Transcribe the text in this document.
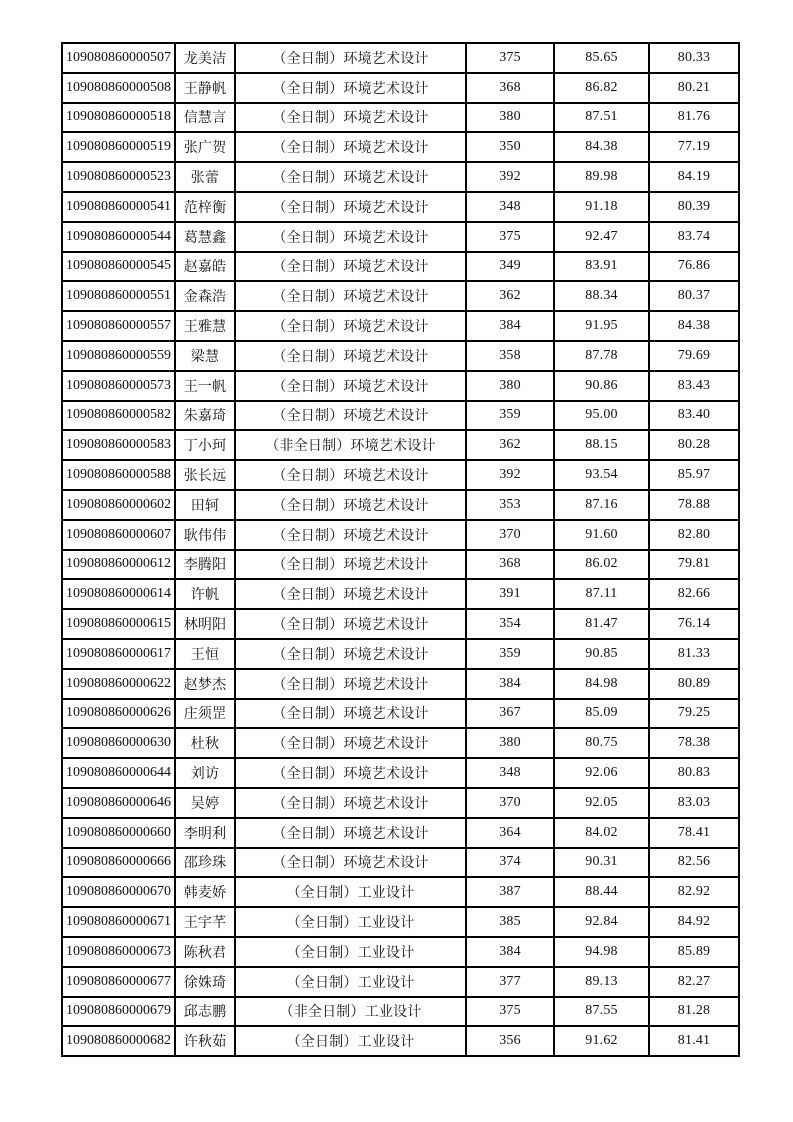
109080860000507	龙美洁	（全日制）环境艺术设计	375	85.65	80.33
109080860000508	王静帆	（全日制）环境艺术设计	368	86.82	80.21
109080860000518	信慧言	（全日制）环境艺术设计	380	87.51	81.76
109080860000519	张广贺	（全日制）环境艺术设计	350	84.38	77.19
109080860000523	张蕾	（全日制）环境艺术设计	392	89.98	84.19
109080860000541	范梓衡	（全日制）环境艺术设计	348	91.18	80.39
109080860000544	葛慧鑫	（全日制）环境艺术设计	375	92.47	83.74
109080860000545	赵嘉皓	（全日制）环境艺术设计	349	83.91	76.86
109080860000551	金森浩	（全日制）环境艺术设计	362	88.34	80.37
109080860000557	王雅慧	（全日制）环境艺术设计	384	91.95	84.38
109080860000559	梁慧	（全日制）环境艺术设计	358	87.78	79.69
109080860000573	王一帆	（全日制）环境艺术设计	380	90.86	83.43
109080860000582	朱嘉琦	（全日制）环境艺术设计	359	95.00	83.40
109080860000583	丁小珂	（非全日制）环境艺术设计	362	88.15	80.28
109080860000588	张长远	（全日制）环境艺术设计	392	93.54	85.97
109080860000602	田轲	（全日制）环境艺术设计	353	87.16	78.88
109080860000607	耿伟伟	（全日制）环境艺术设计	370	91.60	82.80
109080860000612	李腾阳	（全日制）环境艺术设计	368	86.02	79.81
109080860000614	许帆	（全日制）环境艺术设计	391	87.11	82.66
109080860000615	林明阳	（全日制）环境艺术设计	354	81.47	76.14
109080860000617	王恒	（全日制）环境艺术设计	359	90.85	81.33
109080860000622	赵梦杰	（全日制）环境艺术设计	384	84.98	80.89
109080860000626	庄须罡	（全日制）环境艺术设计	367	85.09	79.25
109080860000630	杜秋	（全日制）环境艺术设计	380	80.75	78.38
109080860000644	刘访	（全日制）环境艺术设计	348	92.06	80.83
109080860000646	吴婷	（全日制）环境艺术设计	370	92.05	83.03
109080860000660	李明利	（全日制）环境艺术设计	364	84.02	78.41
109080860000666	邵珍珠	（全日制）环境艺术设计	374	90.31	82.56
109080860000670	韩麦娇	（全日制）工业设计	387	88.44	82.92
109080860000671	王宇芊	（全日制）工业设计	385	92.84	84.92
109080860000673	陈秋君	（全日制）工业设计	384	94.98	85.89
109080860000677	徐姝琦	（全日制）工业设计	377	89.13	82.27
109080860000679	邱志鹏	（非全日制）工业设计	375	87.55	81.28
109080860000682	许秋茹	（全日制）工业设计	356	91.62	81.41
